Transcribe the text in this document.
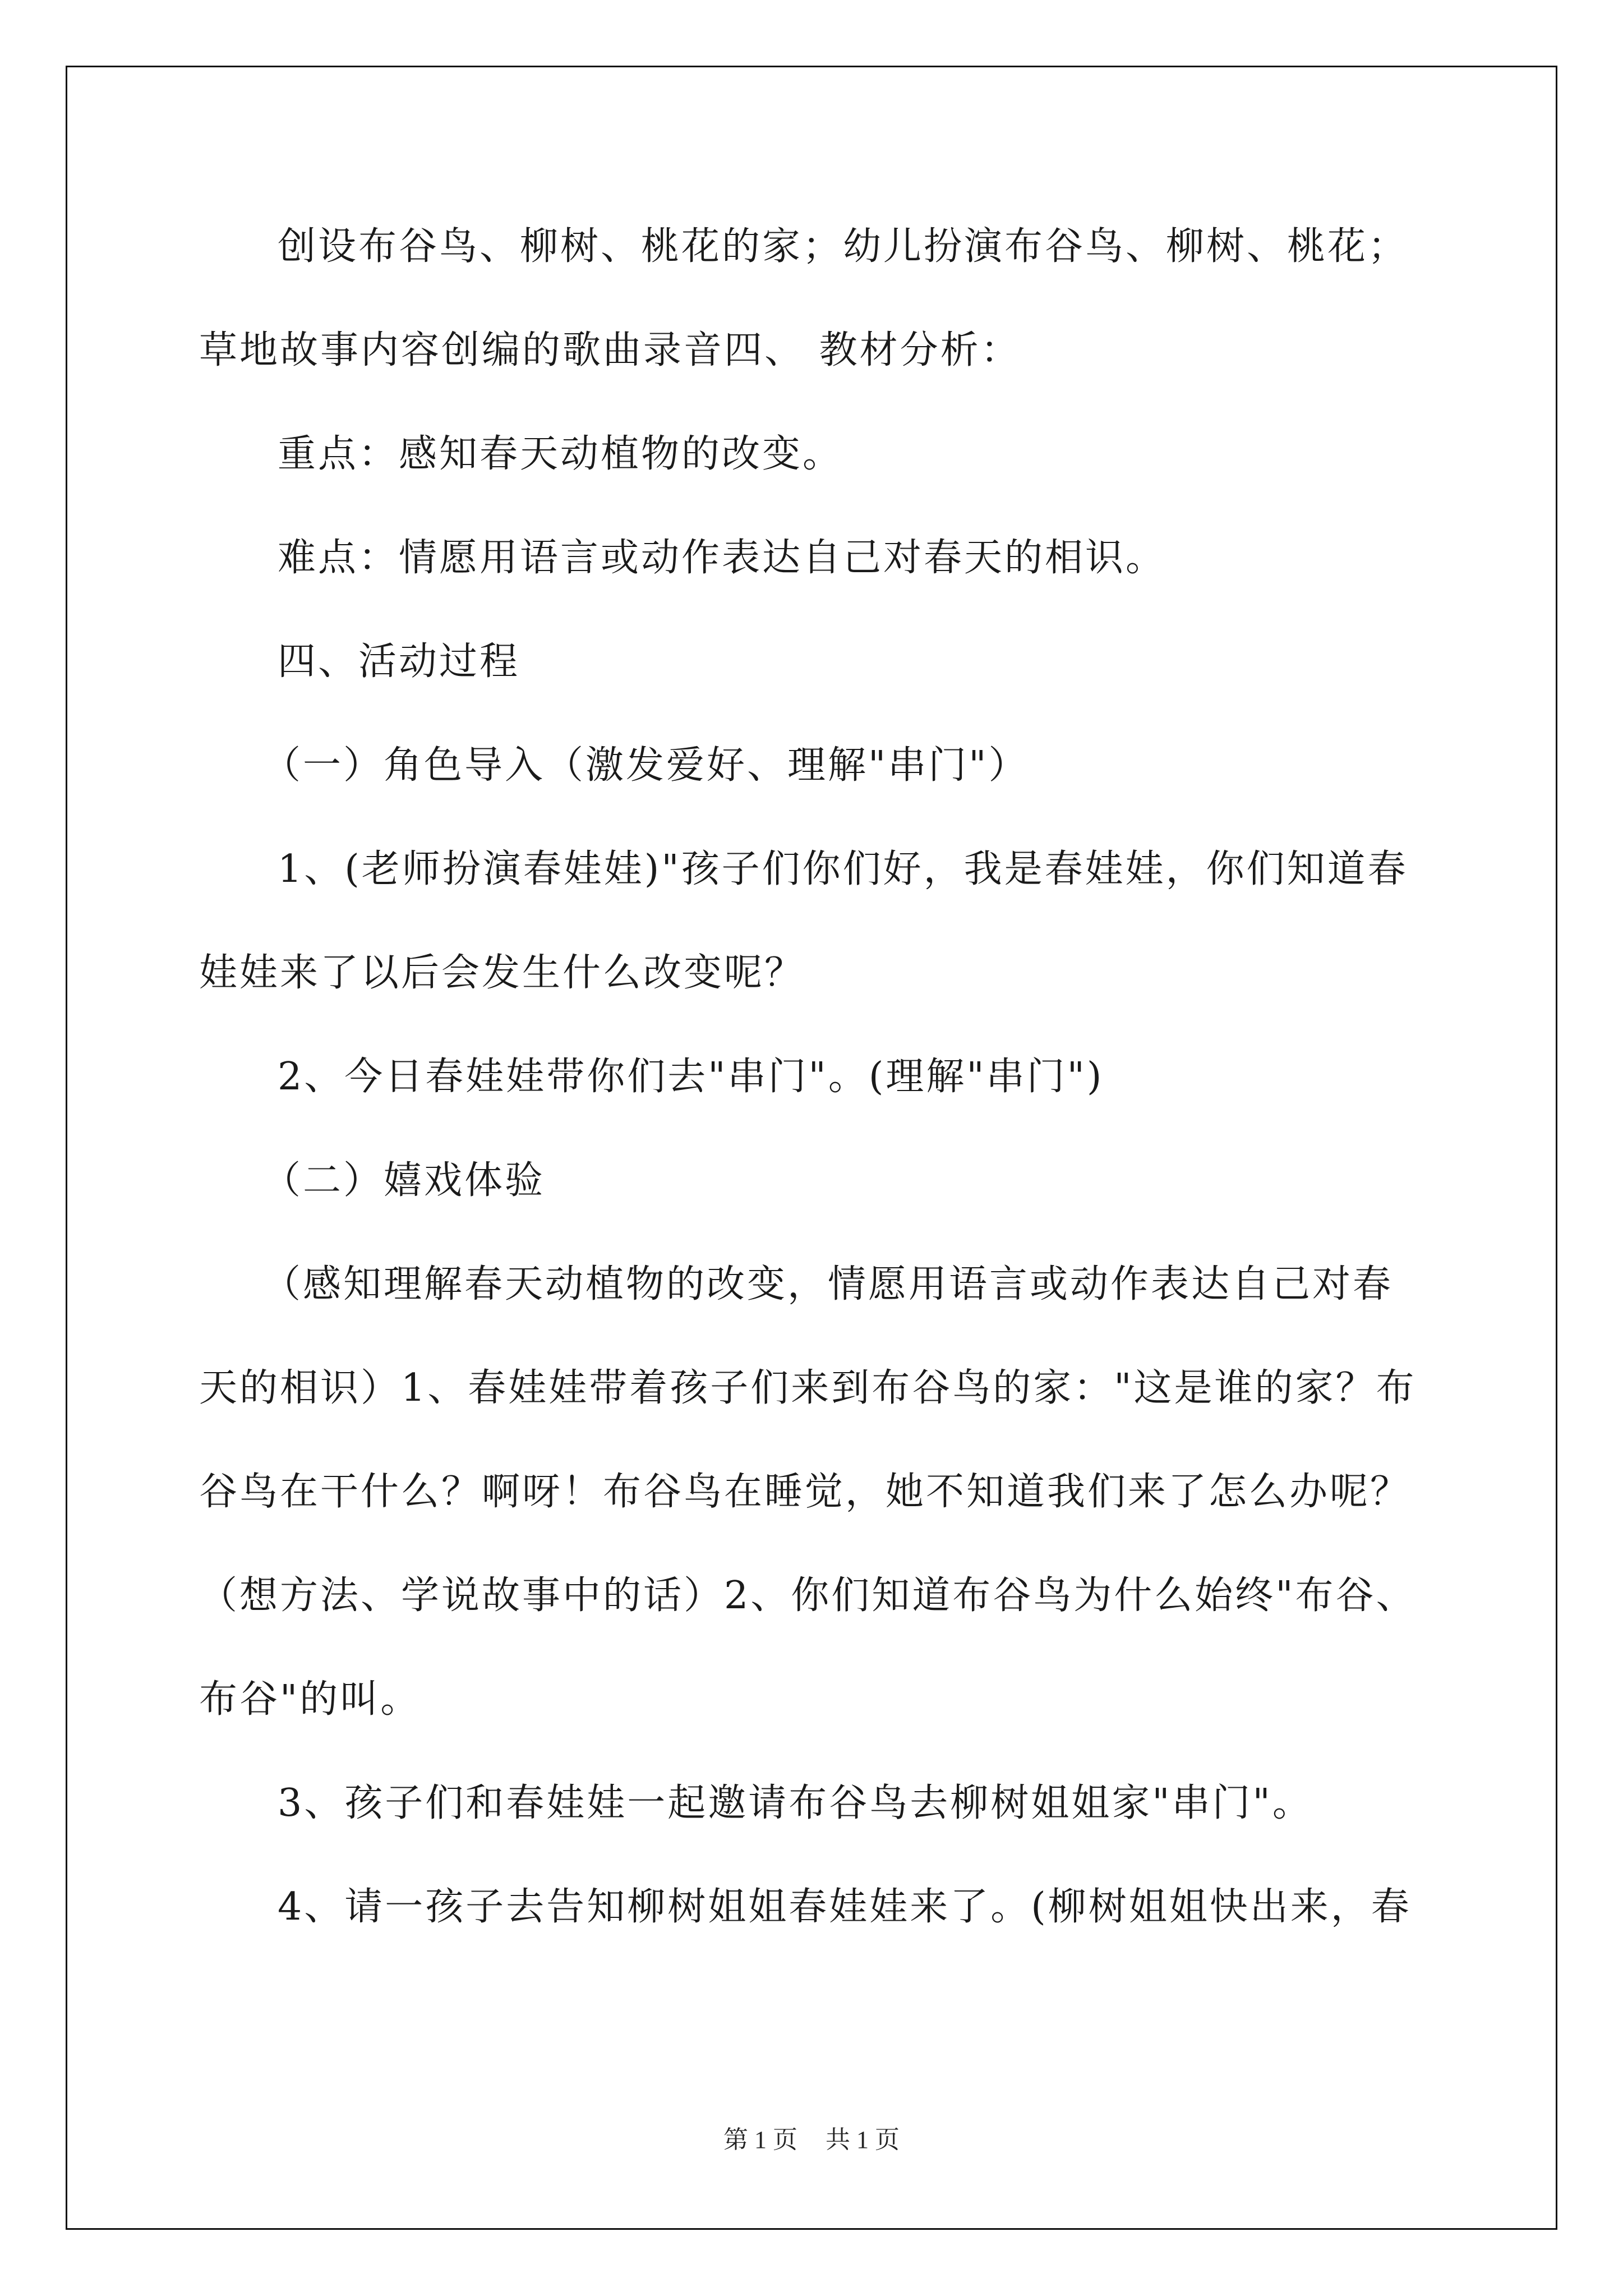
创设布谷鸟、柳树、桃花的家；幼儿扮演布谷鸟、柳树、桃花；
草地故事内容创编的歌曲录音四、 教材分析：
重点：感知春天动植物的改变。
难点：情愿用语言或动作表达自己对春天的相识。
四、活动过程
（一）角色导入（激发爱好、理解"串门"）
1、(老师扮演春娃娃)"孩子们你们好，我是春娃娃，你们知道春
娃娃来了以后会发生什么改变呢？
2、今日春娃娃带你们去"串门"。(理解"串门")
（二）嬉戏体验
（感知理解春天动植物的改变，情愿用语言或动作表达自己对春
天的相识）1、春娃娃带着孩子们来到布谷鸟的家："这是谁的家？布
谷鸟在干什么？啊呀！布谷鸟在睡觉，她不知道我们来了怎么办呢？
（想方法、学说故事中的话）2、你们知道布谷鸟为什么始终"布谷、
布谷"的叫。
3、孩子们和春娃娃一起邀请布谷鸟去柳树姐姐家"串门"。
4、请一孩子去告知柳树姐姐春娃娃来了。(柳树姐姐快出来，春
第 1 页 共 1 页
